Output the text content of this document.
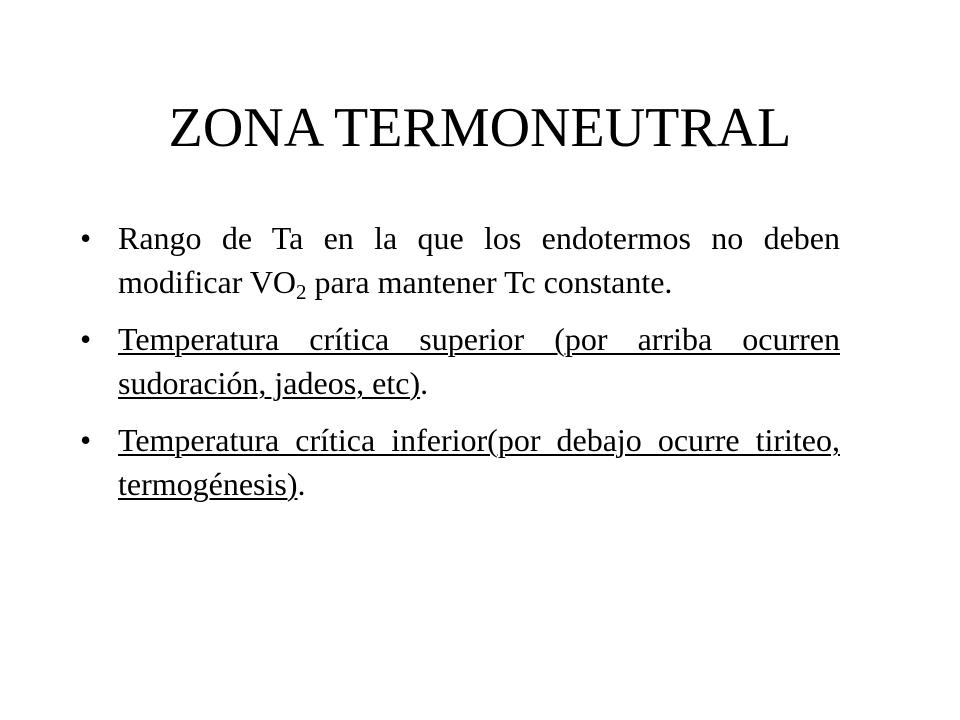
ZONA TERMONEUTRAL
• Rango de Ta en la que los endotermos no deben modificar $VO_2$ para mantener Tc constante.
• Temperatura crítica superior (por arriba ocurren sudoración, jadeos, etc).
• Temperatura crítica inferior(por debajo ocurre tiriteo, termogénesis).
